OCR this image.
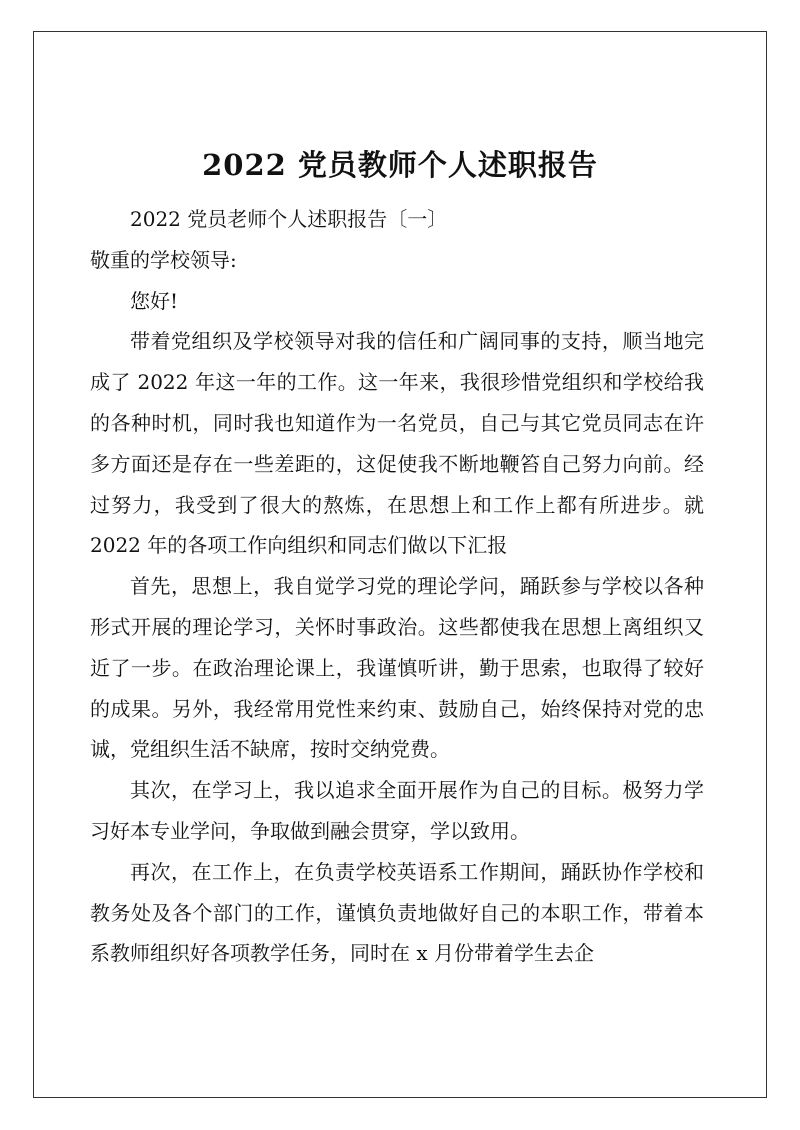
2022 党员教师个人述职报告

2022 党员老师个人述职报告〔一〕

敬重的学校领导:

您好!

带着党组织及学校领导对我的信任和广阔同事的支持，顺当地完成了 2022 年这一年的工作。这一年来，我很珍惜党组织和学校给我的各种时机，同时我也知道作为一名党员，自己与其它党员同志在许多方面还是存在一些差距的，这促使我不断地鞭笞自己努力向前。经过努力，我受到了很大的熬炼，在思想上和工作上都有所进步。就 2022 年的各项工作向组织和同志们做以下汇报

首先，思想上，我自觉学习党的理论学问，踊跃参与学校以各种形式开展的理论学习，关怀时事政治。这些都使我在思想上离组织又近了一步。在政治理论课上，我谨慎听讲，勤于思索，也取得了较好的成果。另外，我经常用党性来约束、鼓励自己，始终保持对党的忠诚，党组织生活不缺席，按时交纳党费。

其次，在学习上，我以追求全面开展作为自己的目标。极努力学习好本专业学问，争取做到融会贯穿，学以致用。

再次，在工作上，在负责学校英语系工作期间，踊跃协作学校和教务处及各个部门的工作，谨慎负责地做好自己的本职工作，带着本系教师组织好各项教学任务，同时在 x 月份带着学生去企
